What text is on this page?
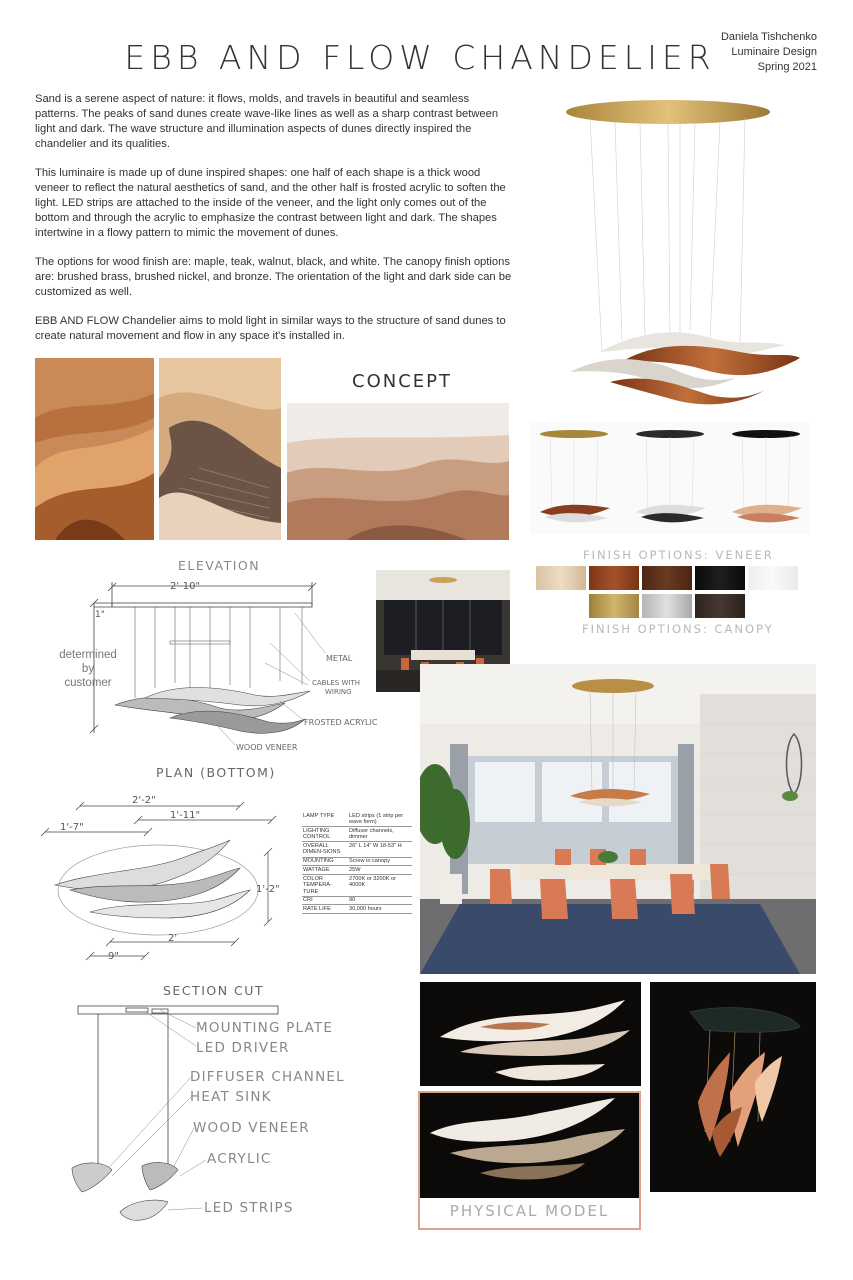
EBB AND FLOW CHANDELIER
Daniela Tishchenko
Luminaire Design
Spring 2021

Sand is a serene aspect of nature: it flows, molds, and travels in beautiful and seamless patterns. The peaks of sand dunes create wave-like lines as well as a sharp contrast between light and dark. The wave structure and illumination aspects of dunes directly inspired the chandelier and its qualities.

This luminaire is made up of dune inspired shapes: one half of each shape is a thick wood veneer to reflect the natural aesthetics of sand, and the other half is frosted acrylic to soften the light. LED strips are attached to the inside of the veneer, and the light only comes out of the bottom and through the acrylic to emphasize the contrast between light and dark. The shapes intertwine in a flowy pattern to mimic the movement of dunes.

The options for wood finish are: maple, teak, walnut, black, and white. The canopy finish options are: brushed brass, brushed nickel, and bronze. The orientation of the light and dark side can be customized as well.

EBB AND FLOW Chandelier aims to mold light in similar ways to the structure of sand dunes to create natural movement and flow in any space it's installed in.

CONCEPT
FINISH OPTIONS: VENEER
FINISH OPTIONS: CANOPY
ELEVATION
2'-10"
1"
METAL
CABLES WITH
WIRING
FROSTED ACRYLIC
WOOD VENEER
determined
by
customer
PLAN (BOTTOM)
2'-2"
1'-11"
1'-7"
1'-2"
2'
9"
LAMP TYPE	LED strips (1 strip per wave form)
LIGHTING CONTROL	Diffuser channels, dimmer
OVERALL DIMEN-SIONS	26" L 14" W 18-53" H
MOUNTING	Screw in canopy
WATTAGE	25W
COLOR TEMPERA-TURE	2700K or 3200K or 4000K
CRI	90
RATE LIFE	30,000 hours
SECTION CUT
MOUNTING PLATE
LED DRIVER
DIFFUSER CHANNEL
HEAT SINK
WOOD VENEER
ACRYLIC
LED STRIPS	PHYSICAL MODEL
